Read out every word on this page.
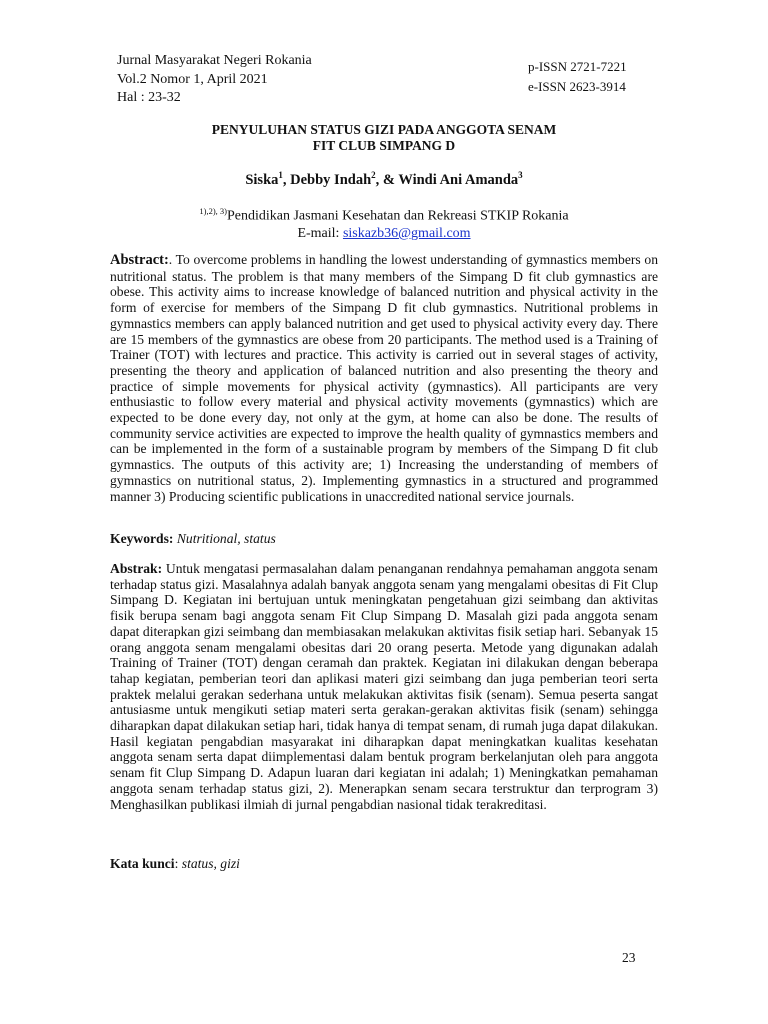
Jurnal Masyarakat Negeri Rokania
Vol.2 Nomor 1, April 2021
Hal : 23-32
p-ISSN 2721-7221
e-ISSN 2623-3914
PENYULUHAN STATUS GIZI PADA ANGGOTA SENAM
FIT CLUB SIMPANG D
Siska$^1$, Debby Indah$^2$, & Windi Ani Amanda$^3$
$^{1),2), 3)}$Pendidikan Jasmani Kesehatan dan Rekreasi STKIP Rokania
E-mail: siskazb36@gmail.com
Abstract:. To overcome problems in handling the lowest understanding of gymnastics members on nutritional status. The problem is that many members of the Simpang D fit club gymnastics are obese. This activity aims to increase knowledge of balanced nutrition and physical activity in the form of exercise for members of the Simpang D fit club gymnastics. Nutritional problems in gymnastics members can apply balanced nutrition and get used to physical activity every day. There are 15 members of the gymnastics are obese from 20 participants. The method used is a Training of Trainer (TOT) with lectures and practice. This activity is carried out in several stages of activity, presenting the theory and application of balanced nutrition and also presenting the theory and practice of simple movements for physical activity (gymnastics). All participants are very enthusiastic to follow every material and physical activity movements (gymnastics) which are expected to be done every day, not only at the gym, at home can also be done. The results of community service activities are expected to improve the health quality of gymnastics members and can be implemented in the form of a sustainable program by members of the Simpang D fit club gymnastics. The outputs of this activity are; 1) Increasing the understanding of members of gymnastics on nutritional status, 2). Implementing gymnastics in a structured and programmed manner 3) Producing scientific publications in unaccredited national service journals.
Keywords: Nutritional, status
Abstrak: Untuk mengatasi permasalahan dalam penanganan rendahnya pemahaman anggota senam terhadap status gizi. Masalahnya adalah banyak anggota senam yang mengalami obesitas di Fit Clup Simpang D. Kegiatan ini bertujuan untuk meningkatan pengetahuan gizi seimbang dan aktivitas fisik berupa senam bagi anggota senam Fit Clup Simpang D. Masalah gizi pada anggota senam dapat diterapkan gizi seimbang dan membiasakan melakukan aktivitas fisik setiap hari. Sebanyak 15 orang anggota senam mengalami obesitas dari 20 orang peserta. Metode yang digunakan adalah Training of Trainer (TOT) dengan ceramah dan praktek. Kegiatan ini dilakukan dengan beberapa tahap kegiatan, pemberian teori dan aplikasi materi gizi seimbang dan juga pemberian teori serta praktek melalui gerakan sederhana untuk melakukan aktivitas fisik (senam). Semua peserta sangat antusiasme untuk mengikuti setiap materi serta gerakan-gerakan aktivitas fisik (senam) sehingga diharapkan dapat dilakukan setiap hari, tidak hanya di tempat senam, di rumah juga dapat dilakukan. Hasil kegiatan pengabdian masyarakat ini diharapkan dapat meningkatkan kualitas kesehatan anggota senam serta dapat diimplementasi dalam bentuk program berkelanjutan oleh para anggota senam fit Clup Simpang D. Adapun luaran dari kegiatan ini adalah; 1) Meningkatkan pemahaman anggota senam terhadap status gizi, 2). Menerapkan senam secara terstruktur dan terprogram 3) Menghasilkan publikasi ilmiah di jurnal pengabdian nasional tidak terakreditasi.
Kata kunci: status, gizi
23
